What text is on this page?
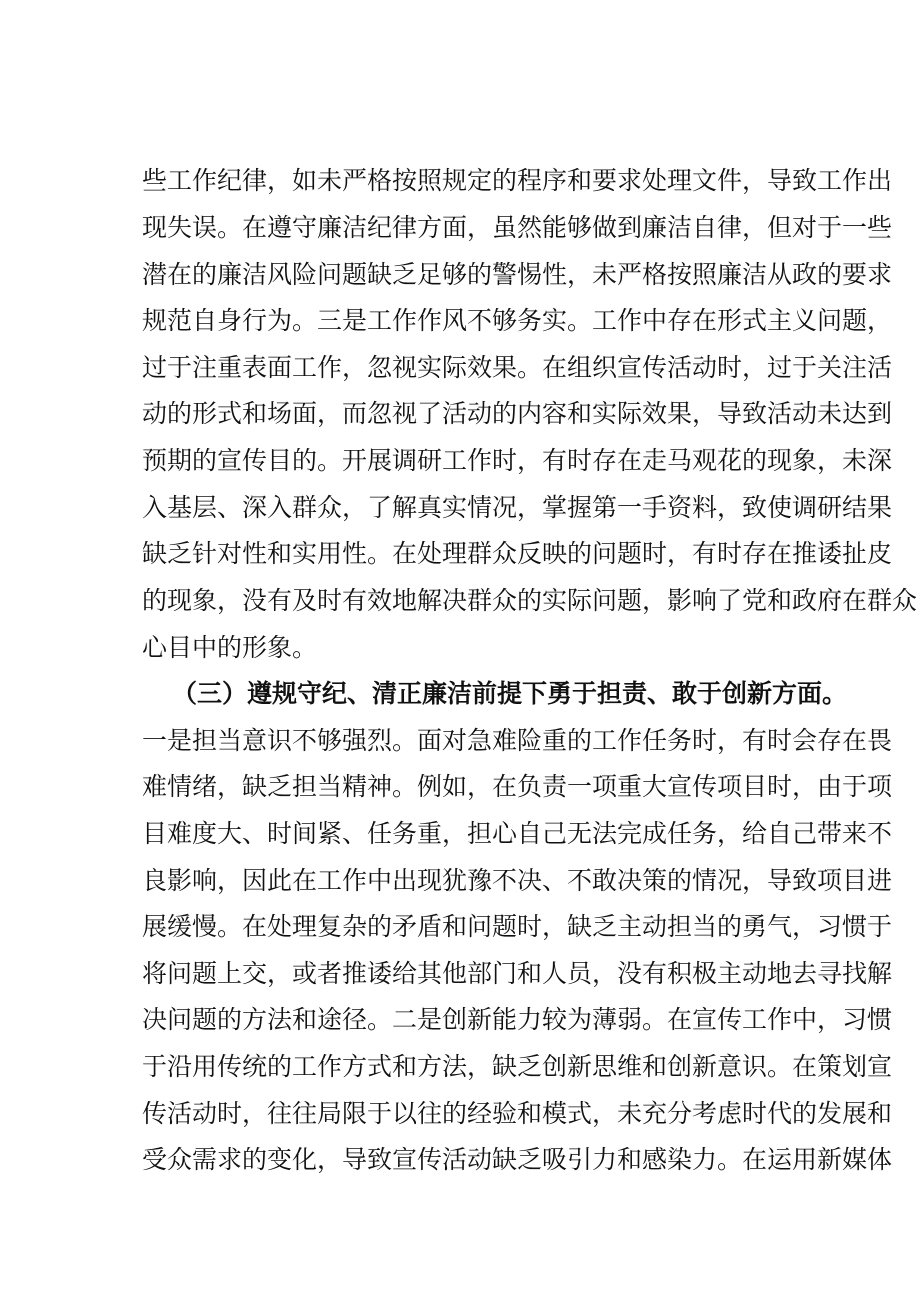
些工作纪律，如未严格按照规定的程序和要求处理文件，导致工作出
现失误。在遵守廉洁纪律方面，虽然能够做到廉洁自律，但对于一些
潜在的廉洁风险问题缺乏足够的警惕性，未严格按照廉洁从政的要求
规范自身行为。三是工作作风不够务实。工作中存在形式主义问题，
过于注重表面工作，忽视实际效果。在组织宣传活动时，过于关注活
动的形式和场面，而忽视了活动的内容和实际效果，导致活动未达到
预期的宣传目的。开展调研工作时，有时存在走马观花的现象，未深
入基层、深入群众，了解真实情况，掌握第一手资料，致使调研结果
缺乏针对性和实用性。在处理群众反映的问题时，有时存在推诿扯皮
的现象，没有及时有效地解决群众的实际问题，影响了党和政府在群众
心目中的形象。
（三）遵规守纪、清正廉洁前提下勇于担责、敢于创新方面。
一是担当意识不够强烈。面对急难险重的工作任务时，有时会存在畏
难情绪，缺乏担当精神。例如，在负责一项重大宣传项目时，由于项
目难度大、时间紧、任务重，担心自己无法完成任务，给自己带来不
良影响，因此在工作中出现犹豫不决、不敢决策的情况，导致项目进
展缓慢。在处理复杂的矛盾和问题时，缺乏主动担当的勇气，习惯于
将问题上交，或者推诿给其他部门和人员，没有积极主动地去寻找解
决问题的方法和途径。二是创新能力较为薄弱。在宣传工作中，习惯
于沿用传统的工作方式和方法，缺乏创新思维和创新意识。在策划宣
传活动时，往往局限于以往的经验和模式，未充分考虑时代的发展和
受众需求的变化，导致宣传活动缺乏吸引力和感染力。在运用新媒体
